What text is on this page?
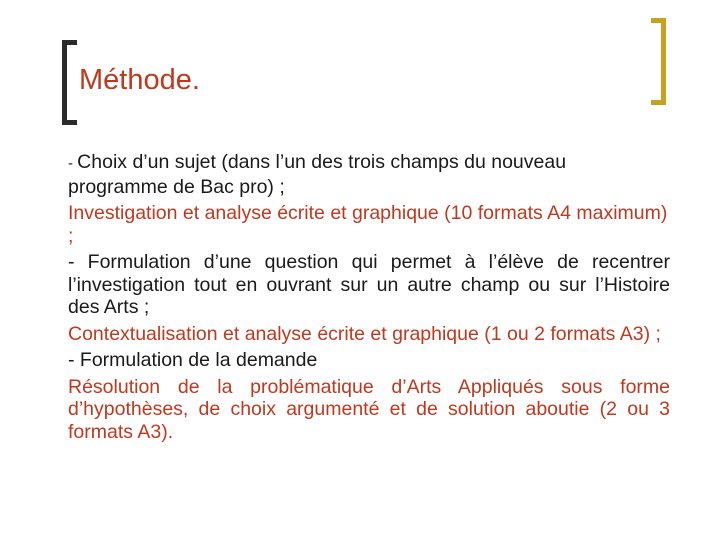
Méthode.

- Choix d’un sujet (dans l’un des trois champs du nouveau programme de Bac pro) ;

Investigation et analyse écrite et graphique (10 formats A4 maximum) ;

- Formulation d’une question qui permet à l’élève de recentrer l’investigation tout en ouvrant sur un autre champ ou sur l’Histoire des Arts ;

Contextualisation et analyse écrite et graphique (1 ou 2 formats A3) ;

- Formulation de la demande

Résolution de la problématique d’Arts Appliqués sous forme d’hypothèses, de choix argumenté et de solution aboutie (2 ou 3 formats A3).
